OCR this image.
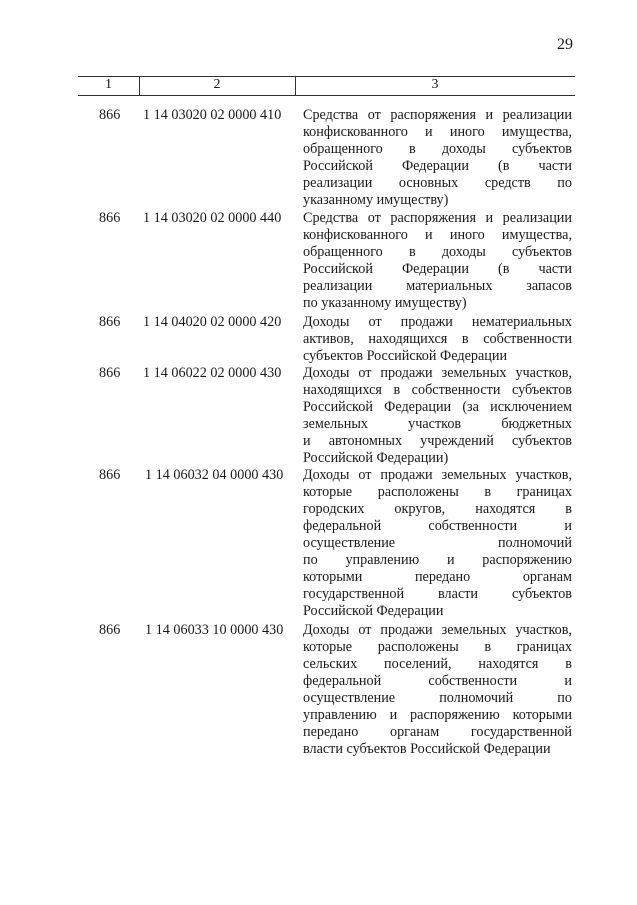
29
1	2	3
866 1 14 03020 02 0000 410 Средства от распоряжения и реализации
конфискованного и иного имущества,
обращенного в доходы субъектов
Российской Федерации (в части
реализации основных средств по
указанному имуществу)
866 1 14 03020 02 0000 440 Средства от распоряжения и реализации
конфискованного и иного имущества,
обращенного в доходы субъектов
Российской Федерации (в части
реализации материальных запасов
по указанному имуществу)
866 1 14 04020 02 0000 420 Доходы от продажи нематериальных
активов, находящихся в собственности
субъектов Российской Федерации
866 1 14 06022 02 0000 430 Доходы от продажи земельных участков,
находящихся в собственности субъектов
Российской Федерации (за исключением
земельных участков бюджетных
и автономных учреждений субъектов
Российской Федерации)
866 1 14 06032 04 0000 430 Доходы от продажи земельных участков,
которые расположены в границах
городских округов, находятся в
федеральной собственности и
осуществление полномочий
по управлению и распоряжению
которыми передано органам
государственной власти субъектов
Российской Федерации
866 1 14 06033 10 0000 430 Доходы от продажи земельных участков,
которые расположены в границах
сельских поселений, находятся в
федеральной собственности и
осуществление полномочий по
управлению и распоряжению которыми
передано органам государственной
власти субъектов Российской Федерации
